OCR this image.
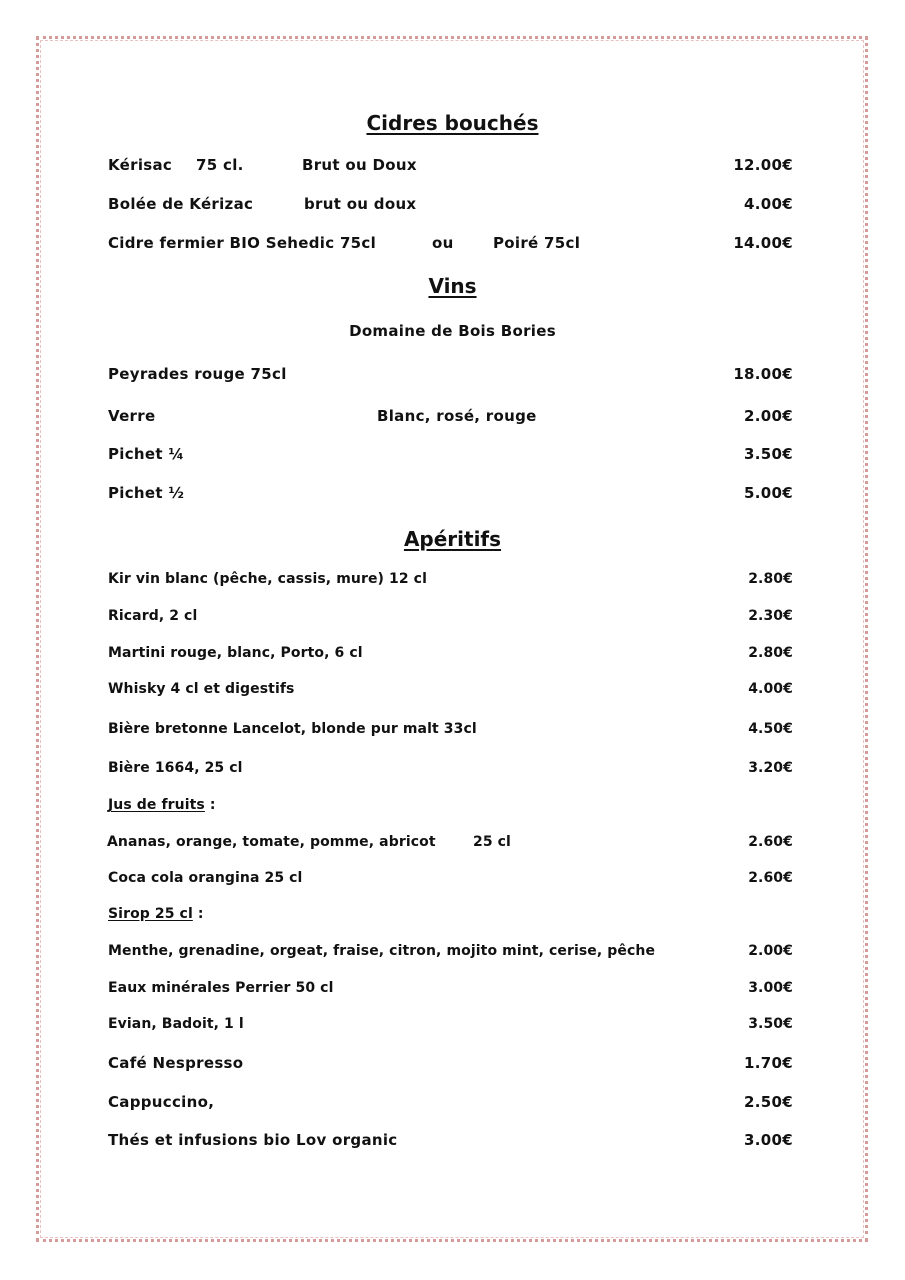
Cidres bouchés
Kérisac 75 cl.	Brut ou Doux	12.00€
Bolée de Kérizac	brut ou doux	4.00€
Cidre fermier BIO Sehedic 75cl	ou	Poiré 75cl	14.00€
Vins
Domaine de Bois Bories
Peyrades rouge 75cl	18.00€
Verre	Blanc, rosé, rouge	2.00€
Pichet ¼	3.50€
Pichet ½	5.00€
Apéritifs
Kir vin blanc (pêche, cassis, mure) 12 cl	2.80€
Ricard, 2 cl	2.30€
Martini rouge, blanc, Porto, 6 cl	2.80€
Whisky 4 cl et digestifs	4.00€
Bière bretonne Lancelot, blonde pur malt 33cl	4.50€
Bière 1664, 25 cl	3.20€
Jus de fruits :
Ananas, orange, tomate, pomme, abricot	25 cl	2.60€
Coca cola orangina 25 cl	2.60€
Sirop 25 cl :
Menthe, grenadine, orgeat, fraise, citron, mojito mint, cerise, pêche	2.00€
Eaux minérales Perrier 50 cl	3.00€
Evian, Badoit, 1 l	3.50€
Café Nespresso	1.70€
Cappuccino,	2.50€
Thés et infusions bio Lov organic	3.00€
